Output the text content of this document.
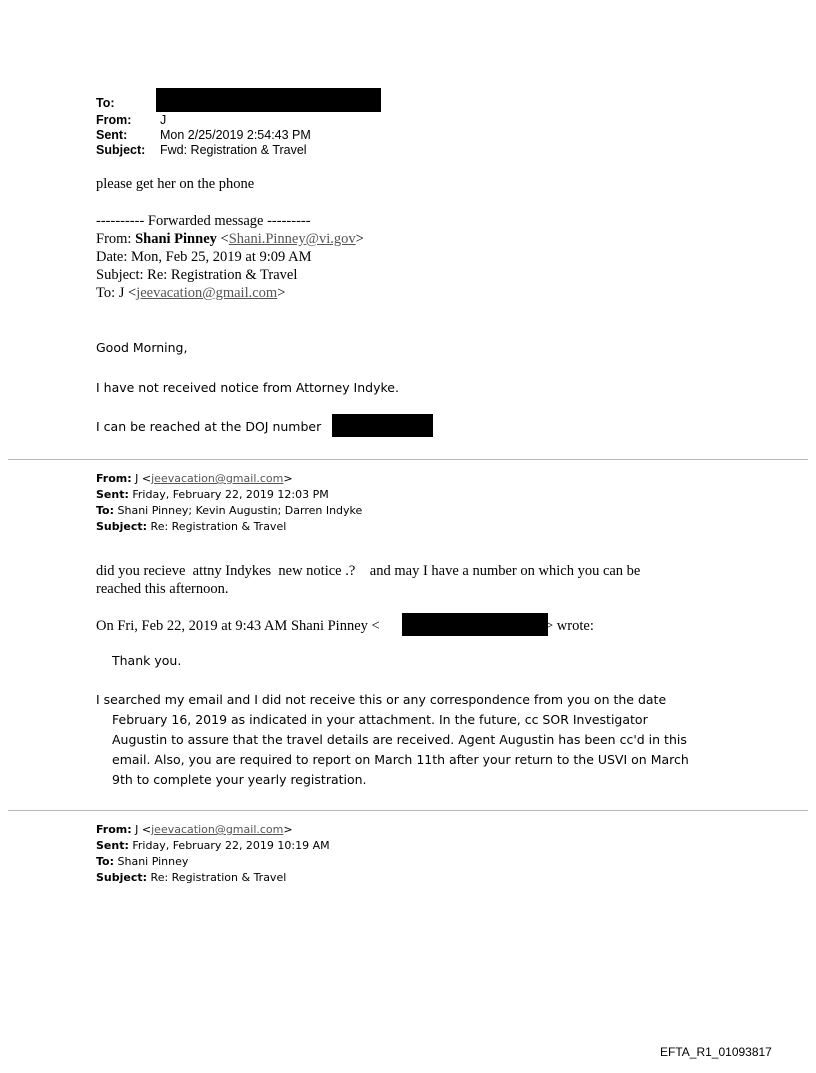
To:
From: J
Sent:	Mon 2/25/2019 2:54:43 PM
Subject: Fwd: Registration & Travel
please get her on the phone
---------- Forwarded message ---------
From: Shani Pinney <Shani.Pinney@vi.gov>
Date: Mon, Feb 25, 2019 at 9:09 AM
Subject: Re: Registration & Travel
To: J <jeevacation@gmail.com>
Good Morning,
I have not received notice from Attorney Indyke.
I can be reached at the DOJ number
From: J <jeevacation@gmail.com>
Sent: Friday, February 22, 2019 12:03 PM
To: Shani Pinney; Kevin Augustin; Darren Indyke
Subject: Re: Registration & Travel
did you recieve  attny Indykes  new notice .?    and may I have a number on which you can be
reached this afternoon.
On Fri, Feb 22, 2019 at 9:43 AM Shani Pinney <	> wrote:
Thank you.
I searched my email and I did not receive this or any correspondence from you on the date
February 16, 2019 as indicated in your attachment. In the future, cc SOR Investigator
Augustin to assure that the travel details are received. Agent Augustin has been cc'd in this
email. Also, you are required to report on March 11th after your return to the USVI on March
9th to complete your yearly registration.
From: J <jeevacation@gmail.com>
Sent: Friday, February 22, 2019 10:19 AM
To: Shani Pinney
Subject: Re: Registration & Travel
EFTA_R1_01093817
